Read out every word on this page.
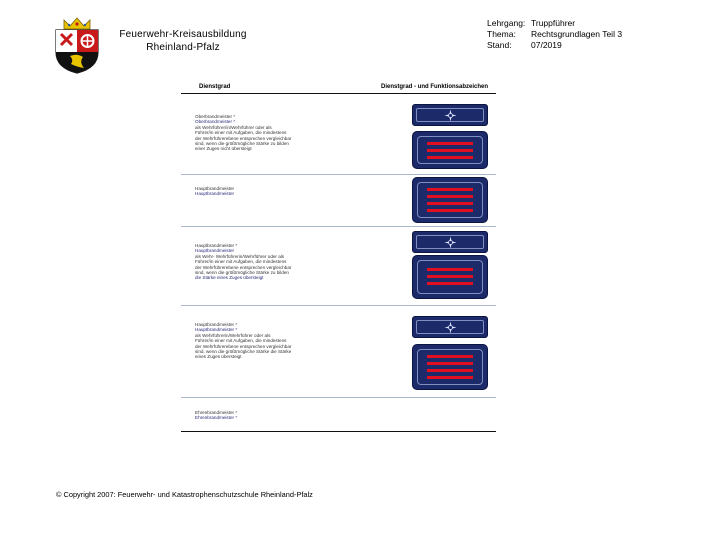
Feuerwehr-Kreisausbildung
Rheinland-Pfalz
Lehrgang: Truppführer
Thema:	Rechtsgrundlagen Teil 3
Stand:	07/2019
Dienstgrad	Dienstgrad - und Funktionsabzeichen
Oberbrandmeister *
Oberbrandmeister *
als Wehrführer/in/Wehrführer oder als
Führer/in einer mit Aufgaben, die mindestens
der Wehrführerebene entsprechen vergleichbar
sind, wenn die größtmögliche Stärke zu bilden
einer Zuges nicht übersteigt
Hauptbrandmeister
Hauptbrandmeister
Hauptbrandmeister *
Hauptbrandmeister
als Wehr- Wehrführerin/Wehrführer oder als
Führer/in einer mit Aufgaben, die mindestens
der Wehrführerebene entsprechen vergleichbar
sind, wenn die größtmögliche Stärke zu bilden
die Stärke eines Zuges übersteigt
Hauptbrandmeister *
Hauptbrandmeister *
als Wehrführerin/Wehrführer oder als
Führer/in einer mit Aufgaben, die mindestens
der Wehrführerebene entsprechen vergleichbar
sind, wenn die größtmögliche Stärke die Stärke
eines Zuges übersteigt
Ehrenbrandmeister *
Ehrenbrandmeister *
© Copyright 2007: Feuerwehr- und Katastrophenschutzschule Rheinland-Pfalz
